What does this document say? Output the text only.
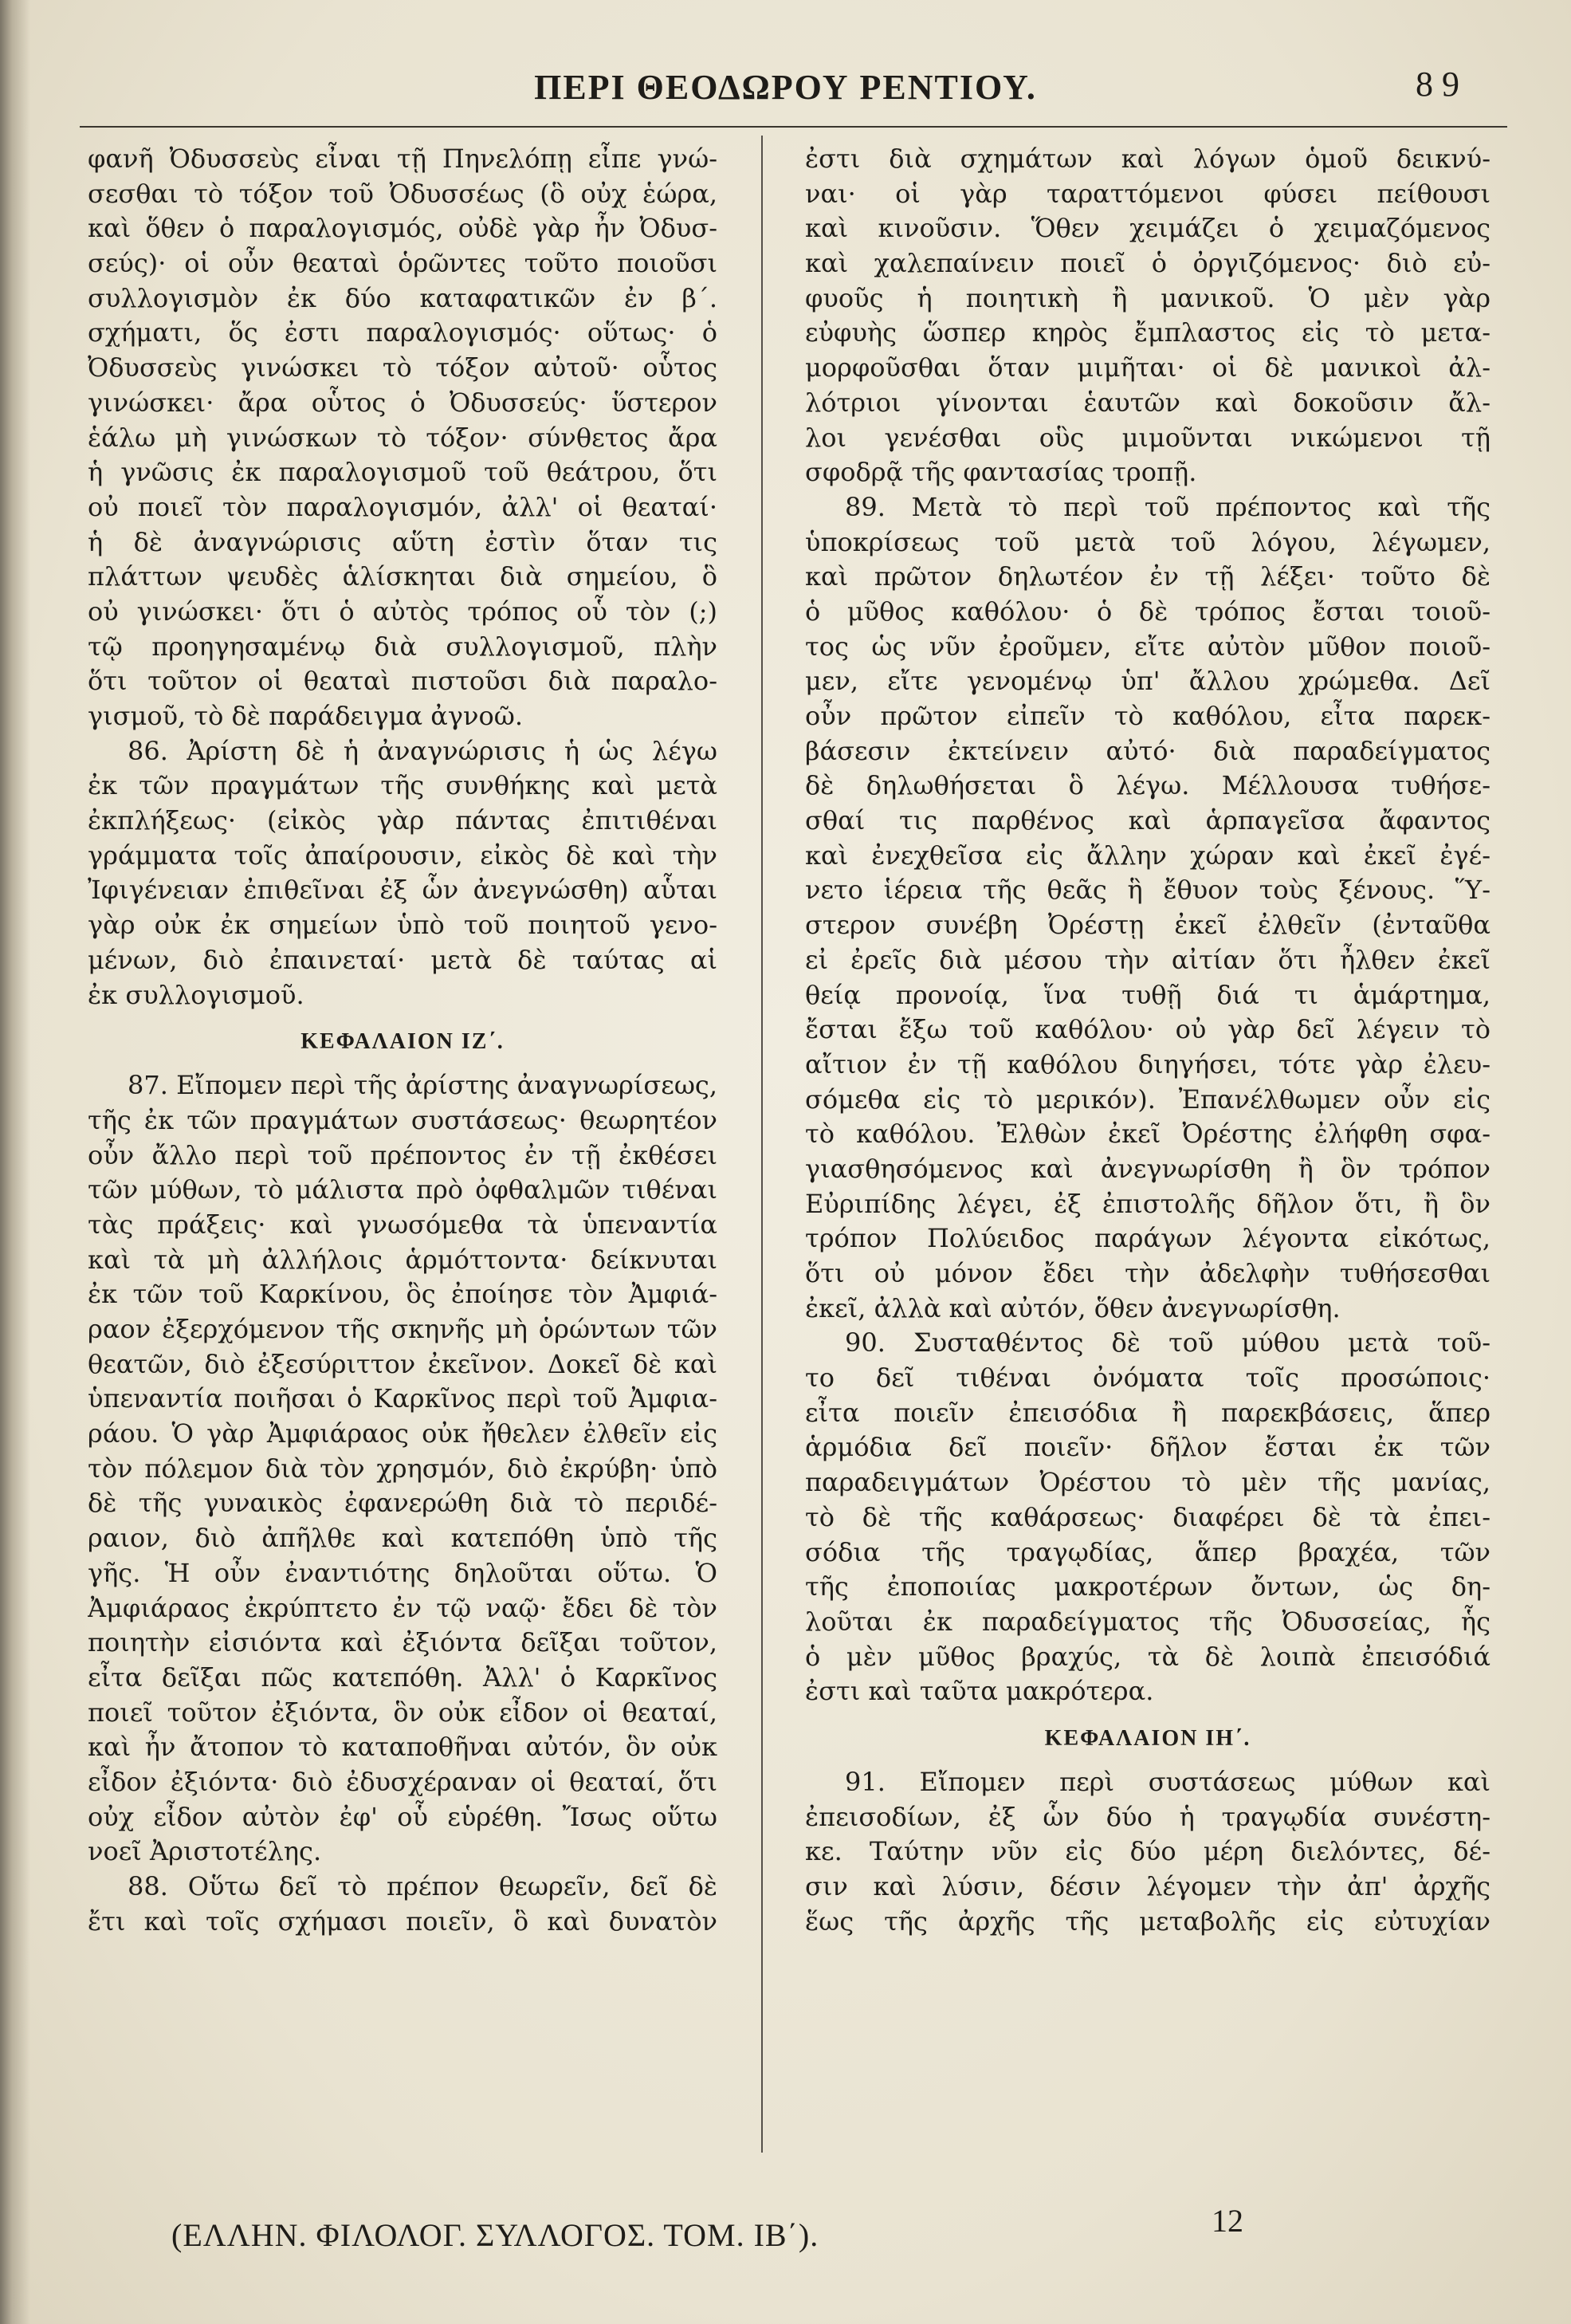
ΠΕΡΙ ΘΕΟΔΩΡΟΥ ΡΕΝΤΙΟΥ.	8 9
φανῆ Ὀδυσσεὺς εἶναι τῇ Πηνελόπῃ εἶπε γνώ-
σεσθαι τὸ τόξον τοῦ Ὀδυσσέως (ὃ οὐχ ἑώρα,
καὶ ὅθεν ὁ παραλογισμός, οὐδὲ γὰρ ἦν Ὀδυσ-
σεύς)· οἱ οὖν θεαταὶ ὁρῶντες τοῦτο ποιοῦσι
συλλογισμὸν ἐκ δύο καταφατικῶν ἐν β΄.
σχήματι, ὅς ἐστι παραλογισμός· οὕτως· ὁ
Ὀδυσσεὺς γινώσκει τὸ τόξον αὐτοῦ· οὗτος
γινώσκει· ἄρα οὗτος ὁ Ὀδυσσεύς· ὕστερον
ἑάλω μὴ γινώσκων τὸ τόξον· σύνθετος ἄρα
ἡ γνῶσις ἐκ παραλογισμοῦ τοῦ θεάτρου, ὅτι
οὐ ποιεῖ τὸν παραλογισμόν, ἀλλ' οἱ θεαταί·
ἡ δὲ ἀναγνώρισις αὕτη ἐστὶν ὅταν τις
πλάττων ψευδὲς ἁλίσκηται διὰ σημείου, ὃ
οὐ γινώσκει· ὅτι ὁ αὐτὸς τρόπος οὗ τὸν (;)
τῷ προηγησαμένῳ διὰ συλλογισμοῦ, πλὴν
ὅτι τοῦτον οἱ θεαταὶ πιστοῦσι διὰ παραλο-
γισμοῦ, τὸ δὲ παράδειγμα ἀγνοῶ.
86. Ἀρίστη δὲ ἡ ἀναγνώρισις ἡ ὡς λέγω
ἐκ τῶν πραγμάτων τῆς συνθήκης καὶ μετὰ
ἐκπλήξεως· (εἰκὸς γὰρ πάντας ἐπιτιθέναι
γράμματα τοῖς ἀπαίρουσιν, εἰκὸς δὲ καὶ τὴν
Ἰφιγένειαν ἐπιθεῖναι ἐξ ὧν ἀνεγνώσθη) αὗται
γὰρ οὐκ ἐκ σημείων ὑπὸ τοῦ ποιητοῦ γενο-
μένων, διὸ ἐπαινεταί· μετὰ δὲ ταύτας αἱ
ἐκ συλλογισμοῦ.
ΚΕΦΑΛΑΙΟΝ ΙΖ΄.
87. Εἴπομεν περὶ τῆς ἀρίστης ἀναγνωρίσεως,
τῆς ἐκ τῶν πραγμάτων συστάσεως· θεωρητέον
οὖν ἄλλο περὶ τοῦ πρέποντος ἐν τῇ ἐκθέσει
τῶν μύθων, τὸ μάλιστα πρὸ ὀφθαλμῶν τιθέναι
τὰς πράξεις· καὶ γνωσόμεθα τὰ ὑπεναντία
καὶ τὰ μὴ ἀλλήλοις ἁρμόττοντα· δείκνυται
ἐκ τῶν τοῦ Καρκίνου, ὃς ἐποίησε τὸν Ἀμφιά-
ραον ἐξερχόμενον τῆς σκηνῆς μὴ ὁρώντων τῶν
θεατῶν, διὸ ἐξεσύριττον ἐκεῖνον. Δοκεῖ δὲ καὶ
ὑπεναντία ποιῆσαι ὁ Καρκῖνος περὶ τοῦ Ἀμφια-
ράου. Ὁ γὰρ Ἀμφιάραος οὐκ ἤθελεν ἐλθεῖν εἰς
τὸν πόλεμον διὰ τὸν χρησμόν, διὸ ἐκρύβη· ὑπὸ
δὲ τῆς γυναικὸς ἐφανερώθη διὰ τὸ περιδέ-
ραιον, διὸ ἀπῆλθε καὶ κατεπόθη ὑπὸ τῆς
γῆς. Ἡ οὖν ἐναντιότης δηλοῦται οὕτω. Ὁ
Ἀμφιάραος ἐκρύπτετο ἐν τῷ ναῷ· ἔδει δὲ τὸν
ποιητὴν εἰσιόντα καὶ ἐξιόντα δεῖξαι τοῦτον,
εἶτα δεῖξαι πῶς κατεπόθη. Ἀλλ' ὁ Καρκῖνος
ποιεῖ τοῦτον ἐξιόντα, ὃν οὐκ εἶδον οἱ θεαταί,
καὶ ἦν ἄτοπον τὸ καταποθῆναι αὐτόν, ὃν οὐκ
εἶδον ἐξιόντα· διὸ ἐδυσχέραναν οἱ θεαταί, ὅτι
οὐχ εἶδον αὐτὸν ἐφ' οὗ εὑρέθη. Ἴσως οὕτω
νοεῖ Ἀριστοτέλης.
88. Οὕτω δεῖ τὸ πρέπον θεωρεῖν, δεῖ δὲ
ἔτι καὶ τοῖς σχήμασι ποιεῖν, ὃ καὶ δυνατὸν
ἐστι διὰ σχημάτων καὶ λόγων ὁμοῦ δεικνύ-
ναι· οἱ γὰρ ταραττόμενοι φύσει πείθουσι
καὶ κινοῦσιν. Ὅθεν χειμάζει ὁ χειμαζόμενος
καὶ χαλεπαίνειν ποιεῖ ὁ ὀργιζόμενος· διὸ εὐ-
φυοῦς ἡ ποιητικὴ ἢ μανικοῦ. Ὁ μὲν γὰρ
εὐφυὴς ὥσπερ κηρὸς ἔμπλαστος εἰς τὸ μετα-
μορφοῦσθαι ὅταν μιμῆται· οἱ δὲ μανικοὶ ἀλ-
λότριοι γίνονται ἑαυτῶν καὶ δοκοῦσιν ἄλ-
λοι γενέσθαι οὓς μιμοῦνται νικώμενοι τῇ
σφοδρᾷ τῆς φαντασίας τροπῇ.
89. Μετὰ τὸ περὶ τοῦ πρέποντος καὶ τῆς
ὑποκρίσεως τοῦ μετὰ τοῦ λόγου, λέγωμεν,
καὶ πρῶτον δηλωτέον ἐν τῇ λέξει· τοῦτο δὲ
ὁ μῦθος καθόλου· ὁ δὲ τρόπος ἔσται τοιοῦ-
τος ὡς νῦν ἐροῦμεν, εἴτε αὐτὸν μῦθον ποιοῦ-
μεν, εἴτε γενομένῳ ὑπ' ἄλλου χρώμεθα. Δεῖ
οὖν πρῶτον εἰπεῖν τὸ καθόλου, εἶτα παρεκ-
βάσεσιν ἐκτείνειν αὐτό· διὰ παραδείγματος
δὲ δηλωθήσεται ὃ λέγω. Μέλλουσα τυθήσε-
σθαί τις παρθένος καὶ ἁρπαγεῖσα ἄφαντος
καὶ ἐνεχθεῖσα εἰς ἄλλην χώραν καὶ ἐκεῖ ἐγέ-
νετο ἱέρεια τῆς θεᾶς ἣ ἔθυον τοὺς ξένους. Ὕ-
στερον συνέβη Ὀρέστῃ ἐκεῖ ἐλθεῖν (ἐνταῦθα
εἰ ἐρεῖς διὰ μέσου τὴν αἰτίαν ὅτι ἦλθεν ἐκεῖ
θείᾳ προνοίᾳ, ἵνα τυθῇ διά τι ἁμάρτημα,
ἔσται ἔξω τοῦ καθόλου· οὐ γὰρ δεῖ λέγειν τὸ
αἴτιον ἐν τῇ καθόλου διηγήσει, τότε γὰρ ἐλευ-
σόμεθα εἰς τὸ μερικόν). Ἐπανέλθωμεν οὖν εἰς
τὸ καθόλου. Ἐλθὼν ἐκεῖ Ὀρέστης ἐλήφθη σφα-
γιασθησόμενος καὶ ἀνεγνωρίσθη ἢ ὃν τρόπον
Εὐριπίδης λέγει, ἐξ ἐπιστολῆς δῆλον ὅτι, ἢ ὃν
τρόπον Πολύειδος παράγων λέγοντα εἰκότως,
ὅτι οὐ μόνον ἔδει τὴν ἀδελφὴν τυθήσεσθαι
ἐκεῖ, ἀλλὰ καὶ αὐτόν, ὅθεν ἀνεγνωρίσθη.
90. Συσταθέντος δὲ τοῦ μύθου μετὰ τοῦ-
το δεῖ τιθέναι ὀνόματα τοῖς προσώποις·
εἶτα ποιεῖν ἐπεισόδια ἢ παρεκβάσεις, ἅπερ
ἁρμόδια δεῖ ποιεῖν· δῆλον ἔσται ἐκ τῶν
παραδειγμάτων Ὀρέστου τὸ μὲν τῆς μανίας,
τὸ δὲ τῆς καθάρσεως· διαφέρει δὲ τὰ ἐπει-
σόδια τῆς τραγῳδίας, ἅπερ βραχέα, τῶν
τῆς ἐποποιίας μακροτέρων ὄντων, ὡς δη-
λοῦται ἐκ παραδείγματος τῆς Ὀδυσσείας, ἧς
ὁ μὲν μῦθος βραχύς, τὰ δὲ λοιπὰ ἐπεισόδιά
ἐστι καὶ ταῦτα μακρότερα.
ΚΕΦΑΛΑΙΟΝ ΙΗ΄.
91. Εἴπομεν περὶ συστάσεως μύθων καὶ
ἐπεισοδίων, ἐξ ὧν δύο ἡ τραγῳδία συνέστη-
κε. Ταύτην νῦν εἰς δύο μέρη διελόντες, δέ-
σιν καὶ λύσιν, δέσιν λέγομεν τὴν ἀπ' ἀρχῆς
ἕως τῆς ἀρχῆς τῆς μεταβολῆς εἰς εὐτυχίαν
(ΕΛΛΗΝ. ΦΙΛΟΛΟΓ. ΣΥΛΛΟΓΟΣ. ΤΟΜ. ΙΒ΄).	12
